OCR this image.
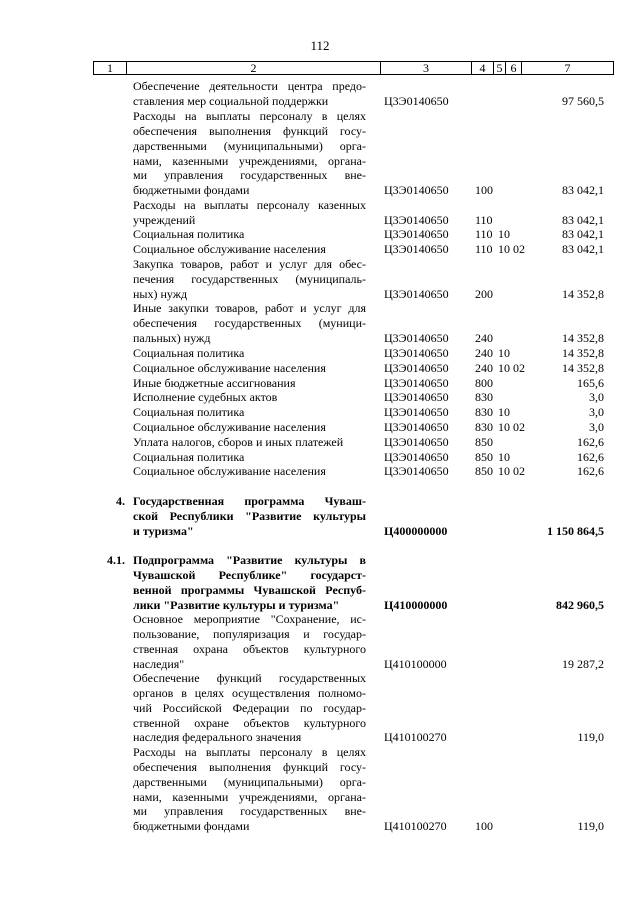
112
1	2	3	4 5 6	7
Обеспечение деятельности центра предо-
ставления мер социальной поддержки	Ц3Э0140650	97 560,5
Расходы на выплаты персоналу в целях
обеспечения выполнения функций госу-
дарственными (муниципальными) орга-
нами, казенными учреждениями, органа-
ми управления государственных вне-
бюджетными фондами	Ц3Э0140650 100	83 042,1
Расходы на выплаты персоналу казенных
учреждений	Ц3Э0140650 110	83 042,1
Социальная политика	Ц3Э0140650 110 10	83 042,1
Социальное обслуживание населения	Ц3Э0140650 110 10 02	83 042,1
Закупка товаров, работ и услуг для обес-
печения государственных (муниципаль-
ных) нужд	Ц3Э0140650 200	14 352,8
Иные закупки товаров, работ и услуг для
обеспечения государственных (муници-
пальных) нужд	Ц3Э0140650 240	14 352,8
Социальная политика	Ц3Э0140650 240 10	14 352,8
Социальное обслуживание населения	Ц3Э0140650 240 10 02	14 352,8
Иные бюджетные ассигнования	Ц3Э0140650 800	165,6
Исполнение судебных актов	Ц3Э0140650 830	3,0
Социальная политика	Ц3Э0140650 830 10	3,0
Социальное обслуживание населения	Ц3Э0140650 830 10 02	3,0
Уплата налогов, сборов и иных платежей	Ц3Э0140650 850	162,6
Социальная политика	Ц3Э0140650 850 10	162,6
Социальное обслуживание населения	Ц3Э0140650 850 10 02	162,6
4. Государственная программа Чуваш-
ской Республики "Развитие культуры
и туризма"	Ц400000000	1 150 864,5
4.1. Подпрограмма "Развитие культуры в
Чувашской Республике" государст-
венной программы Чувашской Респуб-
лики "Развитие культуры и туризма"	Ц410000000	842 960,5
Основное мероприятие "Сохранение, ис-
пользование, популяризация и государ-
ственная охрана объектов культурного
наследия"	Ц410100000	19 287,2
Обеспечение функций государственных
органов в целях осуществления полномо-
чий Российской Федерации по государ-
ственной охране объектов культурного
наследия федерального значения	Ц410100270	119,0
Расходы на выплаты персоналу в целях
обеспечения выполнения функций госу-
дарственными (муниципальными) орга-
нами, казенными учреждениями, органа-
ми управления государственных вне-
бюджетными фондами	Ц410100270 100	119,0
